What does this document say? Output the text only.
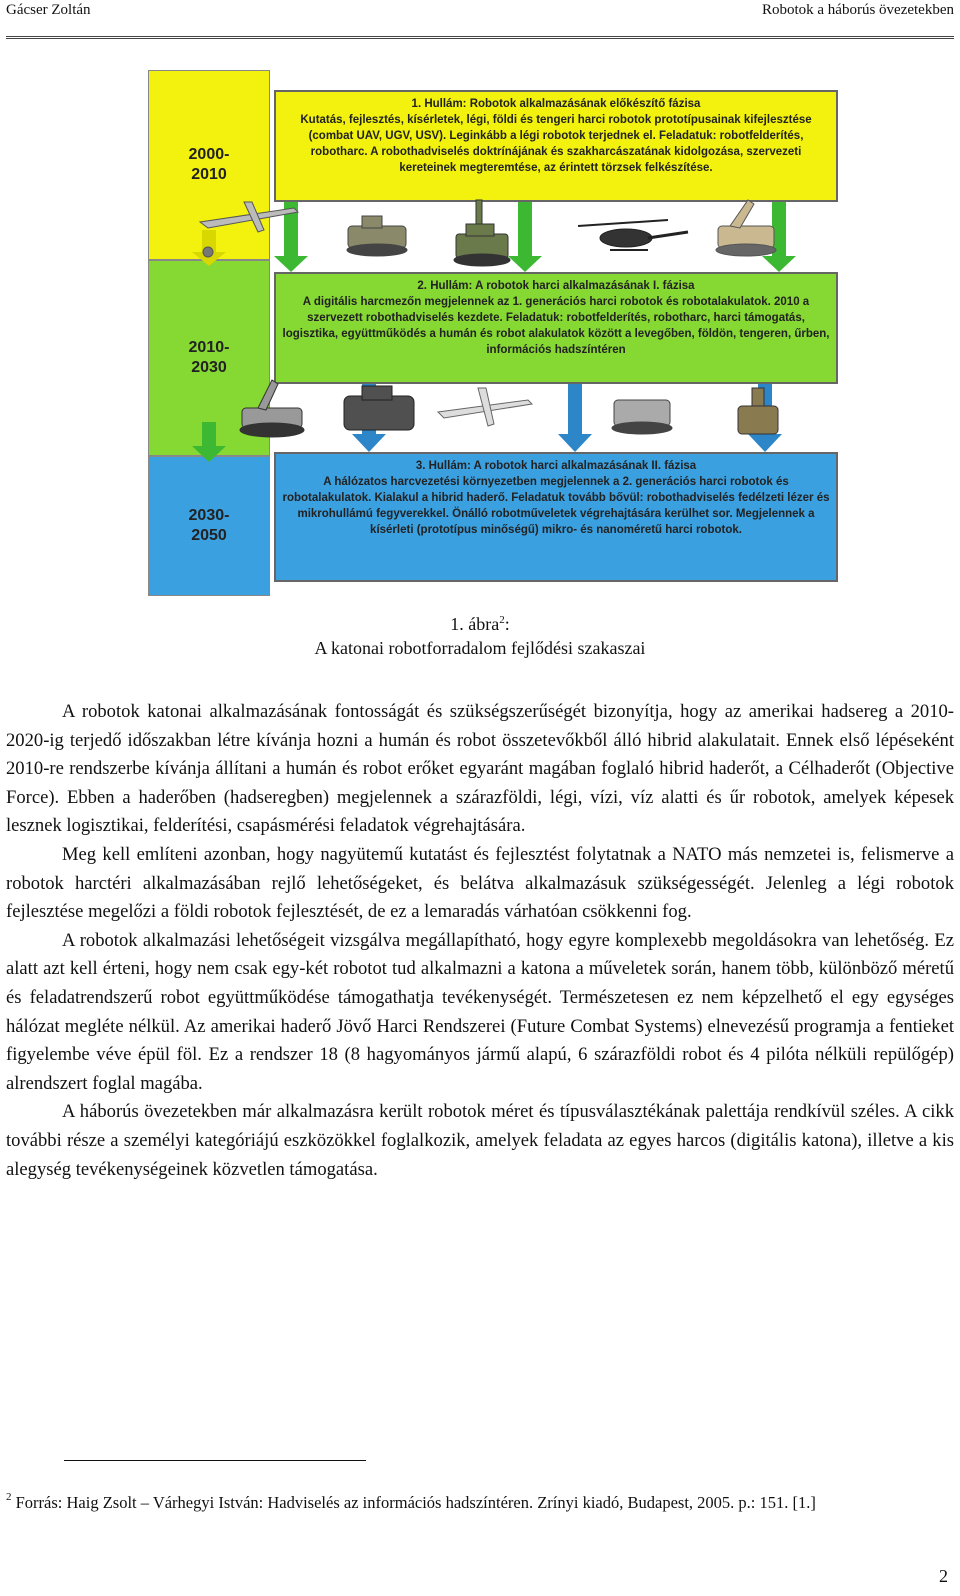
Gácser Zoltán	Robotok a háborús övezetekben
2000-
2010
2010-
2030
2030-
2050
1. Hullám: Robotok alkalmazásának előkészítő fázisa
Kutatás, fejlesztés, kísérletek, légi, földi és tengeri harci robotok prototípusainak kifejlesztése (combat UAV, UGV, USV). Leginkább a légi robotok terjednek el. Feladatuk: robotfelderítés, robotharc. A robothadviselés doktrínájának és szakharcászatának kidolgozása, szervezeti kereteinek megteremtése, az érintett törzsek felkészítése.
2. Hullám: A robotok harci alkalmazásának I. fázisa
A digitális harcmezőn megjelennek az 1. generációs harci robotok és robotalakulatok. 2010 a szervezett robothadviselés kezdete. Feladatuk: robotfelderítés, robotharc, harci támogatás, logisztika, együttműködés a humán és robot alakulatok között a levegőben, földön, tengeren, űrben, információs hadszíntéren
3. Hullám: A robotok harci alkalmazásának II. fázisa
A hálózatos harcvezetési környezetben megjelennek a 2. generációs harci robotok és robotalakulatok. Kialakul a hibrid haderő. Feladatuk tovább bővül: robothadviselés fedélzeti lézer és mikrohullámú fegyverekkel. Önálló robotműveletek végrehajtására kerülhet sor. Megjelennek a kísérleti (prototípus minőségű) mikro- és nanoméretű harci robotok.
1. ábra$^2$:
A katonai robotforradalom fejlődési szakaszai

A robotok katonai alkalmazásának fontosságát és szükségszerűségét bizonyítja, hogy az amerikai hadsereg a 2010-2020-ig terjedő időszakban létre kívánja hozni a humán és robot összetevőkből álló hibrid alakulatait. Ennek első lépéseként 2010-re rendszerbe kívánja állítani a humán és robot erőket egyaránt magában foglaló hibrid haderőt, a Célhaderőt (Objective Force). Ebben a haderőben (hadseregben) megjelennek a szárazföldi, légi, vízi, víz alatti és űr robotok, amelyek képesek lesznek logisztikai, felderítési, csapásmérési feladatok végrehajtására.

Meg kell említeni azonban, hogy nagyütemű kutatást és fejlesztést folytatnak a NATO más nemzetei is, felismerve a robotok harctéri alkalmazásában rejlő lehetőségeket, és belátva alkalmazásuk szükségességét. Jelenleg a légi robotok fejlesztése megelőzi a földi robotok fejlesztését, de ez a lemaradás várhatóan csökkenni fog.

A robotok alkalmazási lehetőségeit vizsgálva megállapítható, hogy egyre komplexebb megoldásokra van lehetőség. Ez alatt azt kell érteni, hogy nem csak egy-két robotot tud alkalmazni a katona a műveletek során, hanem több, különböző méretű és feladatrendszerű robot együttműködése támogathatja tevékenységét. Természetesen ez nem képzelhető el egy egységes hálózat megléte nélkül. Az amerikai haderő Jövő Harci Rendszerei (Future Combat Systems) elnevezésű programja a fentieket figyelembe véve épül föl. Ez a rendszer 18 (8 hagyományos jármű alapú, 6 szárazföldi robot és 4 pilóta nélküli repülőgép) alrendszert foglal magába.

A háborús övezetekben már alkalmazásra került robotok méret és típusválasztékának palettája rendkívül széles. A cikk további része a személyi kategóriájú eszközökkel foglalkozik, amelyek feladata az egyes harcos (digitális katona), illetve a kis alegység tevékenységeinek közvetlen támogatása.

$^2$ Forrás: Haig Zsolt – Várhegyi István: Hadviselés az információs hadszíntéren. Zrínyi kiadó, Budapest, 2005. p.: 151. [1.]
2
